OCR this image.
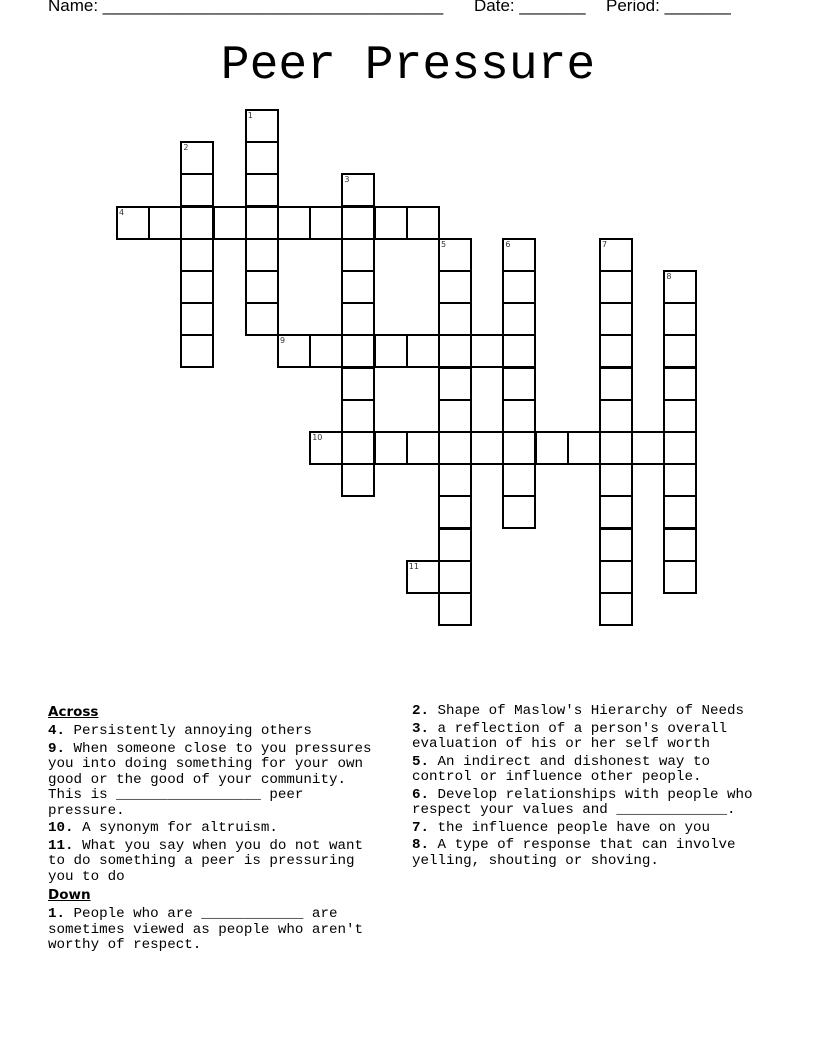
Name: ____________________________________ Date: _______ Period: _______
Peer Pressure
1
2
3
4
5	6	7
8
9
10
11
Across
4. Persistently annoying others
9. When someone close to you pressures you into doing something for your own good or the good of your community. This is _________________ peer pressure.
10. A synonym for altruism.
11. What you say when you do not want to do something a peer is pressuring you to do
Down
1. People who are ____________ are sometimes viewed as people who aren't worthy of respect.
2. Shape of Maslow's Hierarchy of Needs
3. a reflection of a person's overall evaluation of his or her self worth
5. An indirect and dishonest way to control or influence other people.
6. Develop relationships with people who respect your values and _____________.
7. the influence people have on you
8. A type of response that can involve yelling, shouting or shoving.
